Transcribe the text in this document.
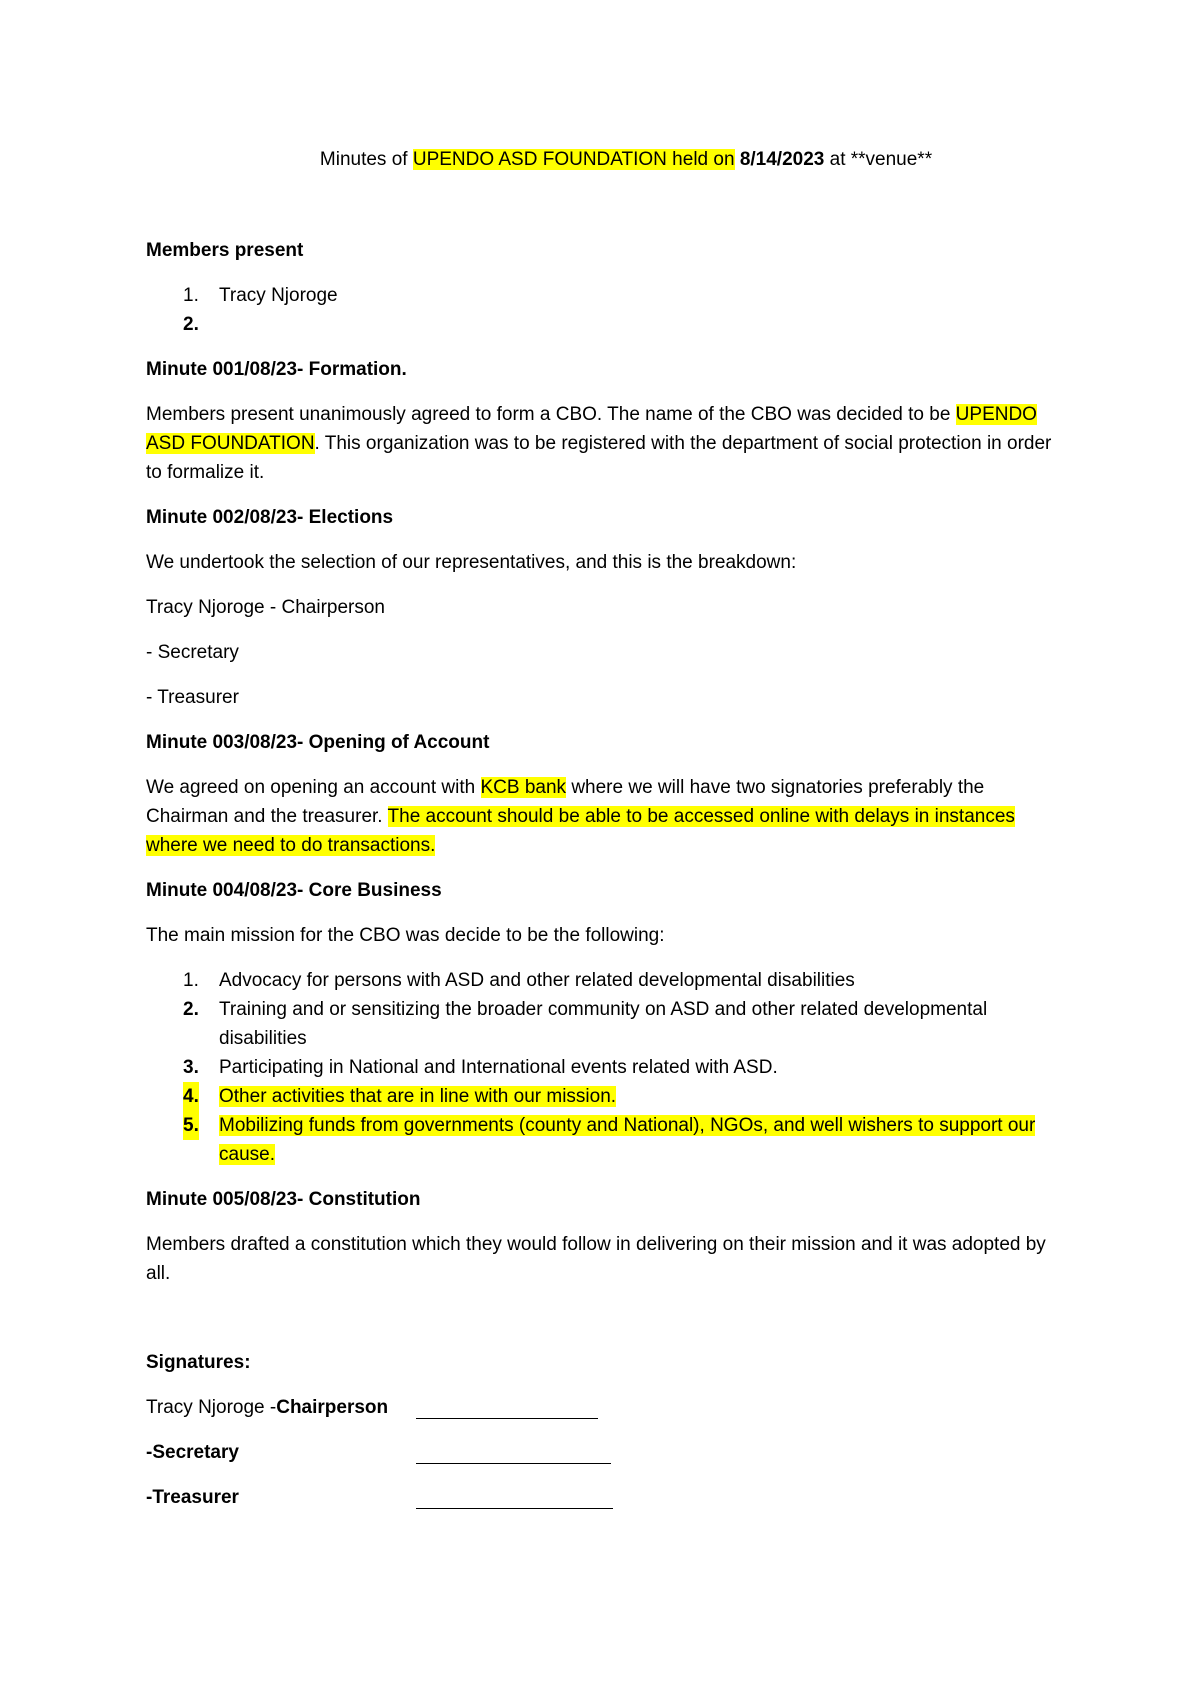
Minutes of UPENDO ASD FOUNDATION held on 8/14/2023 at **venue**
Members present
1. Tracy Njoroge
2.

Minute 001/08/23- Formation.

Members present unanimously agreed to form a CBO. The name of the CBO was decided to be UPENDO ASD FOUNDATION. This organization was to be registered with the department of social protection in order to formalize it.

Minute 002/08/23- Elections

We undertook the selection of our representatives, and this is the breakdown:

Tracy Njoroge - Chairperson

- Secretary

- Treasurer

Minute 003/08/23- Opening of Account

We agreed on opening an account with KCB bank where we will have two signatories preferably the Chairman and the treasurer. The account should be able to be accessed online with delays in instances where we need to do transactions.

Minute 004/08/23- Core Business

The main mission for the CBO was decide to be the following:

1. Advocacy for persons with ASD and other related developmental disabilities
2. Training and or sensitizing the broader community on ASD and other related developmental disabilities
3. Participating in National and International events related with ASD.
4. Other activities that are in line with our mission.
5. Mobilizing funds from governments (county and National), NGOs, and well wishers to support our cause.
Minute 005/08/23- Constitution

Members drafted a constitution which they would follow in delivering on their mission and it was adopted by all.

Signatures:
Tracy Njoroge -Chairperson
-Secretary
-Treasurer
